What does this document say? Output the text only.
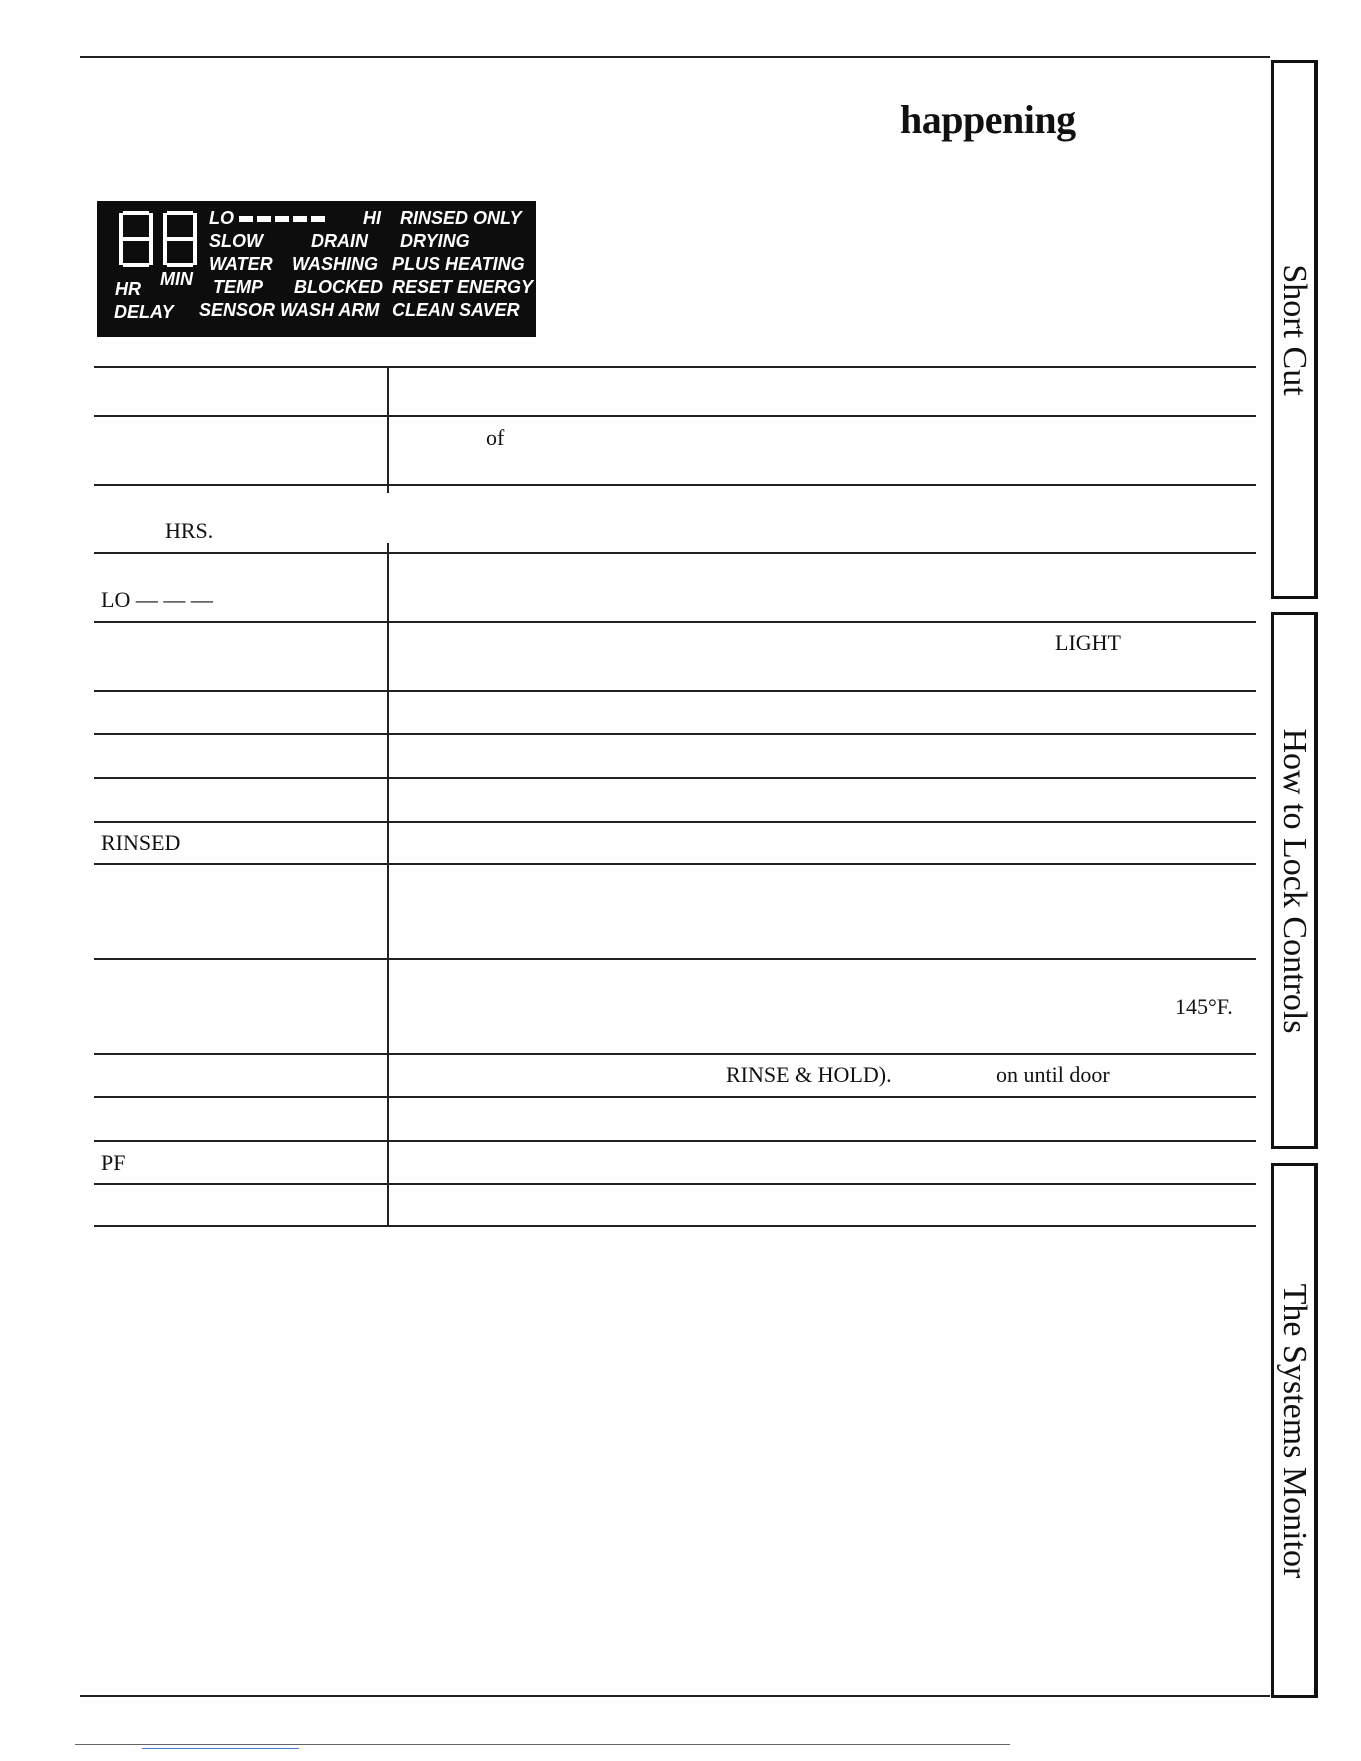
happening
HR MIN
DELAY
LO	HI RINSED ONLY
SLOW	DRAIN DRYING
WATER WASHING PLUS HEATING
TEMP BLOCKED RESET ENERGY
SENSOR WASH ARM CLEAN SAVER
of
HRS.
LO — — —
LIGHT
RINSED
145°F.
RINSE & HOLD).	on until door
PF
Short Cut
How to Lock Controls
The Systems Monitor
